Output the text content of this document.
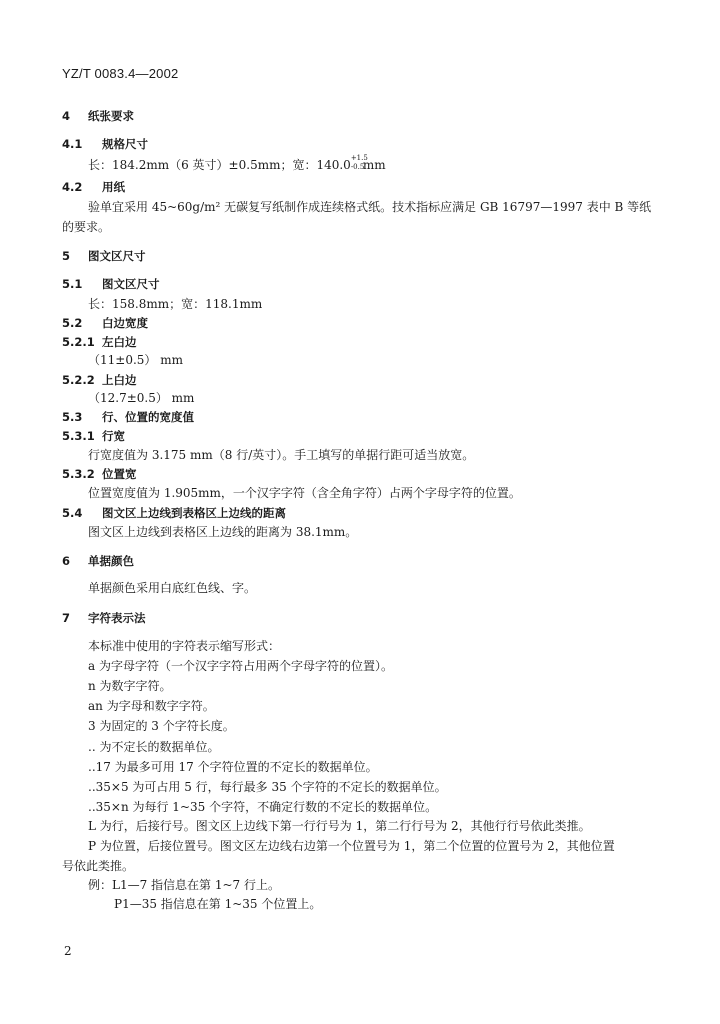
YZ/T 0083.4—2002
4 纸张要求
4.1 规格尺寸
长：184.2mm（6 英寸）±0.5mm；宽：140.0 +1.5
-0.5
mm
4.2 用纸
验单宜采用 45~60g/m² 无碳复写纸制作成连续格式纸。技术指标应满足 GB 16797—1997 表中 B 等纸
的要求。
5 图文区尺寸
5.1 图文区尺寸
长：158.8mm；宽：118.1mm
5.2 白边宽度
5.2.1 左白边
（11±0.5） mm
5.2.2 上白边
（12.7±0.5） mm
5.3 行、位置的宽度值
5.3.1 行宽
行宽度值为 3.175 mm（8 行/英寸）。手工填写的单据行距可适当放宽。
5.3.2 位置宽
位置宽度值为 1.905mm，一个汉字字符（含全角字符）占两个字母字符的位置。
5.4 图文区上边线到表格区上边线的距离
图文区上边线到表格区上边线的距离为 38.1mm。
6 单据颜色
单据颜色采用白底红色线、字。
7 字符表示法
本标准中使用的字符表示缩写形式：
a 为字母字符（一个汉字字符占用两个字母字符的位置）。
n 为数字字符。
an 为字母和数字字符。
3 为固定的 3 个字符长度。
.. 为不定长的数据单位。
..17 为最多可用 17 个字符位置的不定长的数据单位。
..35×5 为可占用 5 行，每行最多 35 个字符的不定长的数据单位。
..35×n 为每行 1~35 个字符，不确定行数的不定长的数据单位。
L 为行，后接行号。图文区上边线下第一行行号为 1，第二行行号为 2，其他行行号依此类推。
P 为位置，后接位置号。图文区左边线右边第一个位置号为 1，第二个位置的位置号为 2，其他位置
号依此类推。
例：L1—7 指信息在第 1~7 行上。
P1—35 指信息在第 1~35 个位置上。
2
